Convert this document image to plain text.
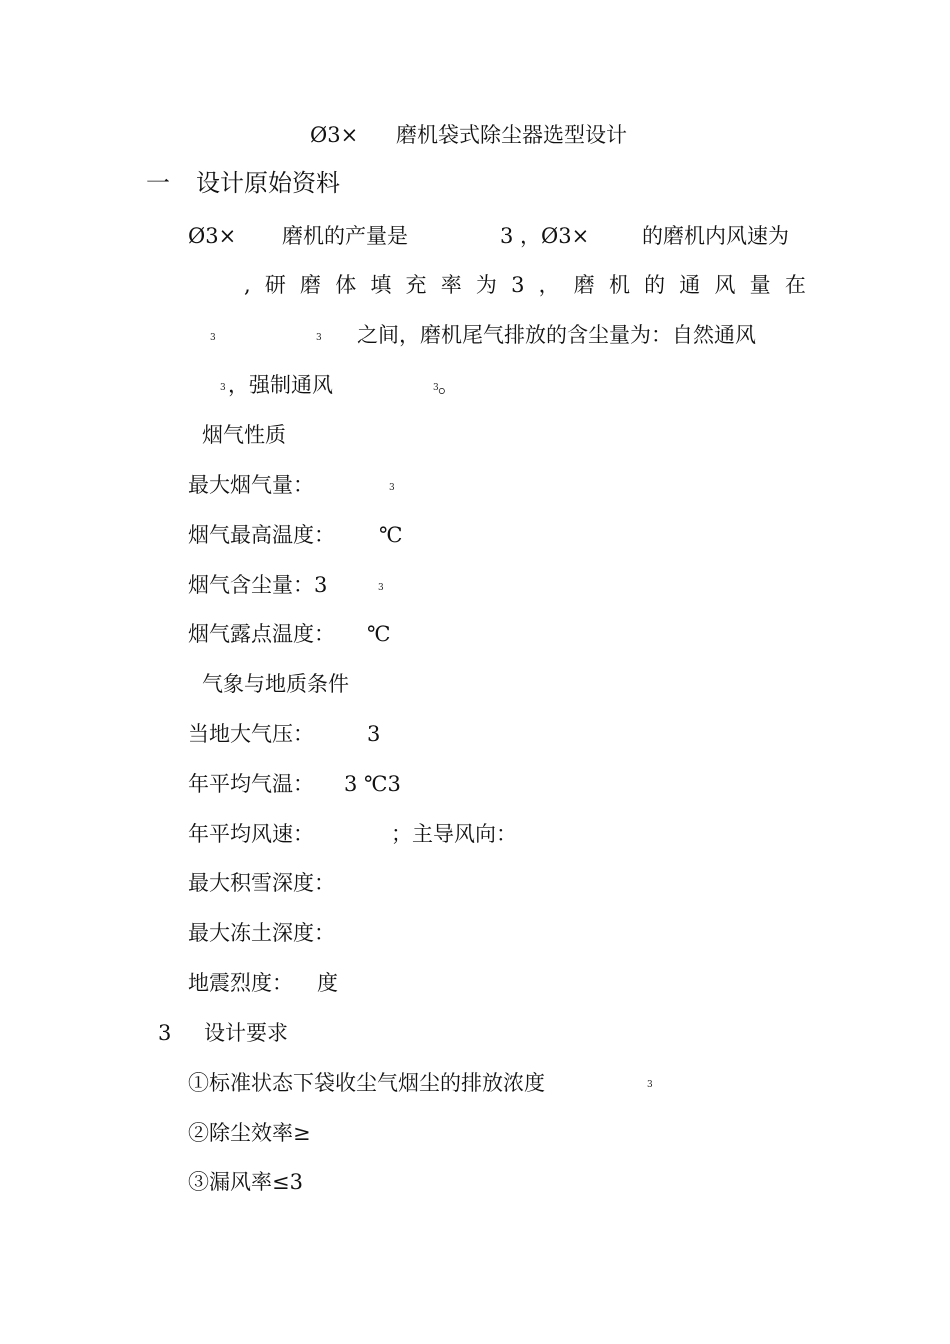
Ø3× 磨机袋式除尘器选型设计
一 设计原始资料
Ø3× 磨机的产量是	3 ，Ø3×	的磨机内风速为
, 研 磨 体 填 充 率 为 3 ， 磨 机 的 通 风 量 在
3	3 之间，磨机尾气排放的含尘量为：自然通风
3 ，强制通风	3 。
烟气性质
最大烟气量：	3
烟气最高温度： ℃
烟气含尘量：3	3
烟气露点温度： ℃
气象与地质条件
当地大气压：	3
年平均气温： 3 ℃3
年平均风速：	；主导风向：
最大积雪深度：
最大冻土深度：
地震烈度： 度
3 设计要求
①标准状态下袋收尘气烟尘的排放浓度	3
②除尘效率≥
③漏风率≤3
